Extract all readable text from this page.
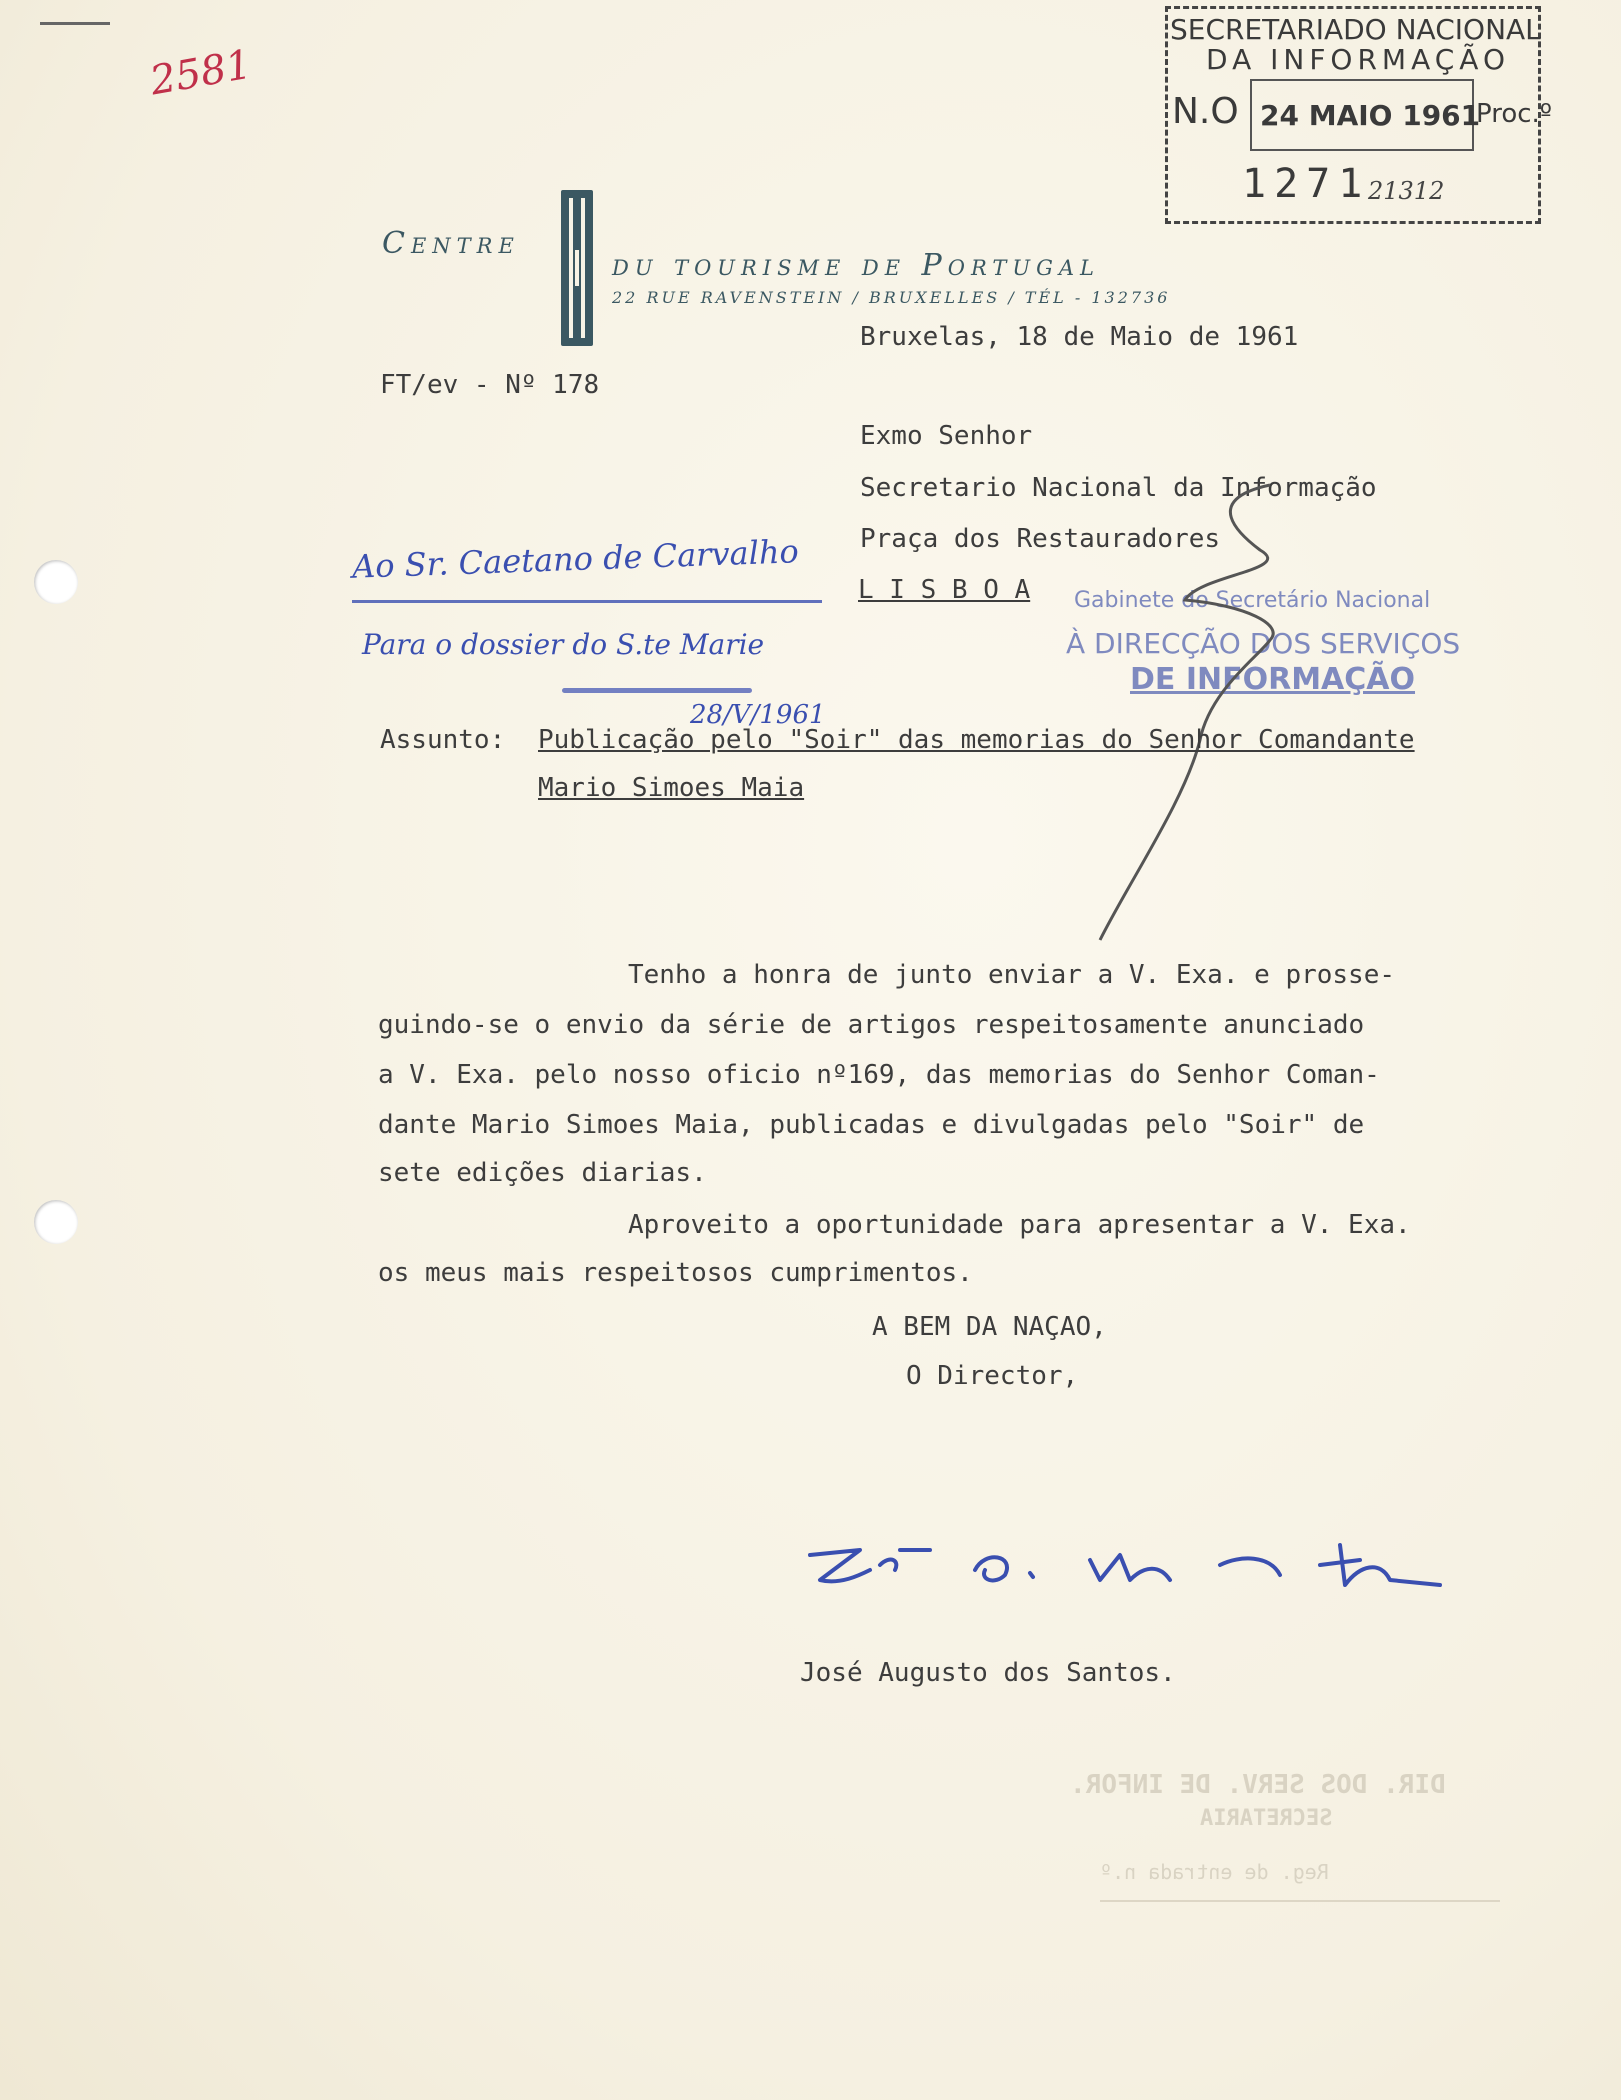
2581
SECRETARIADO NACIONAL
DA INFORMAÇÃO
N.O 24 MAIO 1961
Proc.º
1271
21312
Centre
du tourisme de Portugal
22 RUE RAVENSTEIN / BRUXELLES / TÉL - 132736
Bruxelas, 18 de Maio de 1961
FT/ev - Nº 178
Exmo Senhor
Secretario Nacional da Informação
Praça dos Restauradores
L I S B O A
Ao Sr. Caetano de Carvalho
Para o dossier do S.te Marie
28/V/1961
Gabinete do Secretário Nacional
À DIRECÇÃO DOS SERVIÇOS
DE INFORMAÇÃO
Assunto: Publicação pelo "Soir" das memorias do Senhor Comandante
Mario Simoes Maia
Tenho a honra de junto enviar a V. Exa. e prosse-
guindo-se o envio da série de artigos respeitosamente anunciado
a V. Exa. pelo nosso oficio nº169, das memorias do Senhor Coman-
dante Mario Simoes Maia, publicadas e divulgadas pelo "Soir" de
sete edições diarias.
Aproveito a oportunidade para apresentar a V. Exa.
os meus mais respeitosos cumprimentos.
A BEM DA NAÇAO,
O Director,
José Augusto dos Santos.
DIR. DOS SERV. DE INFOR.
SECRETARIA
Reg. de entrada n.º
